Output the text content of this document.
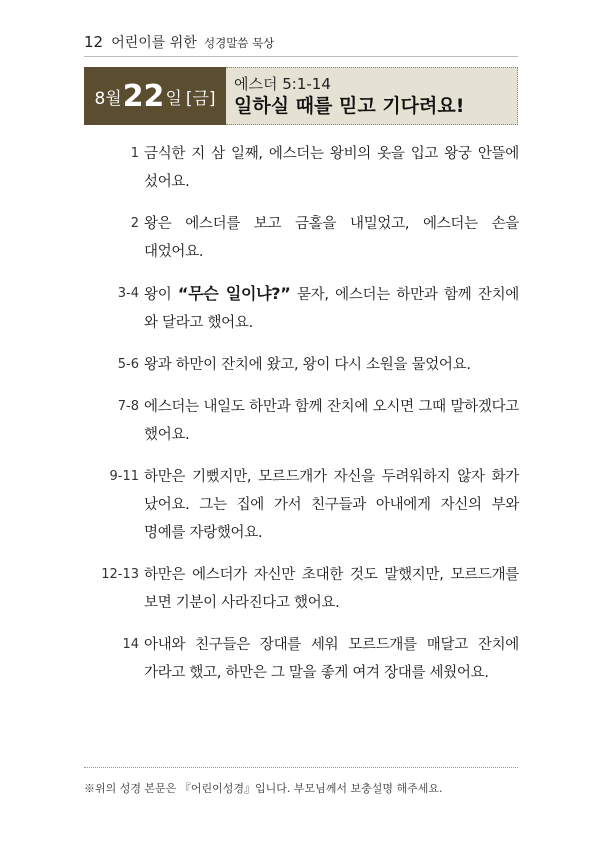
12 어린이를 위한 성경말씀 묵상
8월 22 일 [금]
에스더 5:1-14
일하실 때를 믿고 기다려요!
1 금식한 지 삼 일째, 에스더는 왕비의 옷을 입고 왕궁 안뜰에 섰어요.
2 왕은 에스더를 보고 금홀을 내밀었고, 에스더는 손을 대었어요.
3-4 왕이 “무슨 일이냐?” 묻자, 에스더는 하만과 함께 잔치에 와 달라고 했어요.
5-6 왕과 하만이 잔치에 왔고, 왕이 다시 소원을 물었어요.
7-8 에스더는 내일도 하만과 함께 잔치에 오시면 그때 말하겠다고 했어요.
9-11 하만은 기뻤지만, 모르드개가 자신을 두려워하지 않자 화가 났어요. 그는 집에 가서 친구들과 아내에게 자신의 부와 명예를 자랑했어요.
12-13 하만은 에스더가 자신만 초대한 것도 말했지만, 모르드개를 보면 기분이 사라진다고 했어요.
14 아내와 친구들은 장대를 세워 모르드개를 매달고 잔치에 가라고 했고, 하만은 그 말을 좋게 여겨 장대를 세웠어요.
※위의 성경 본문은 『어린이성경』입니다. 부모님께서 보충설명 해주세요.
